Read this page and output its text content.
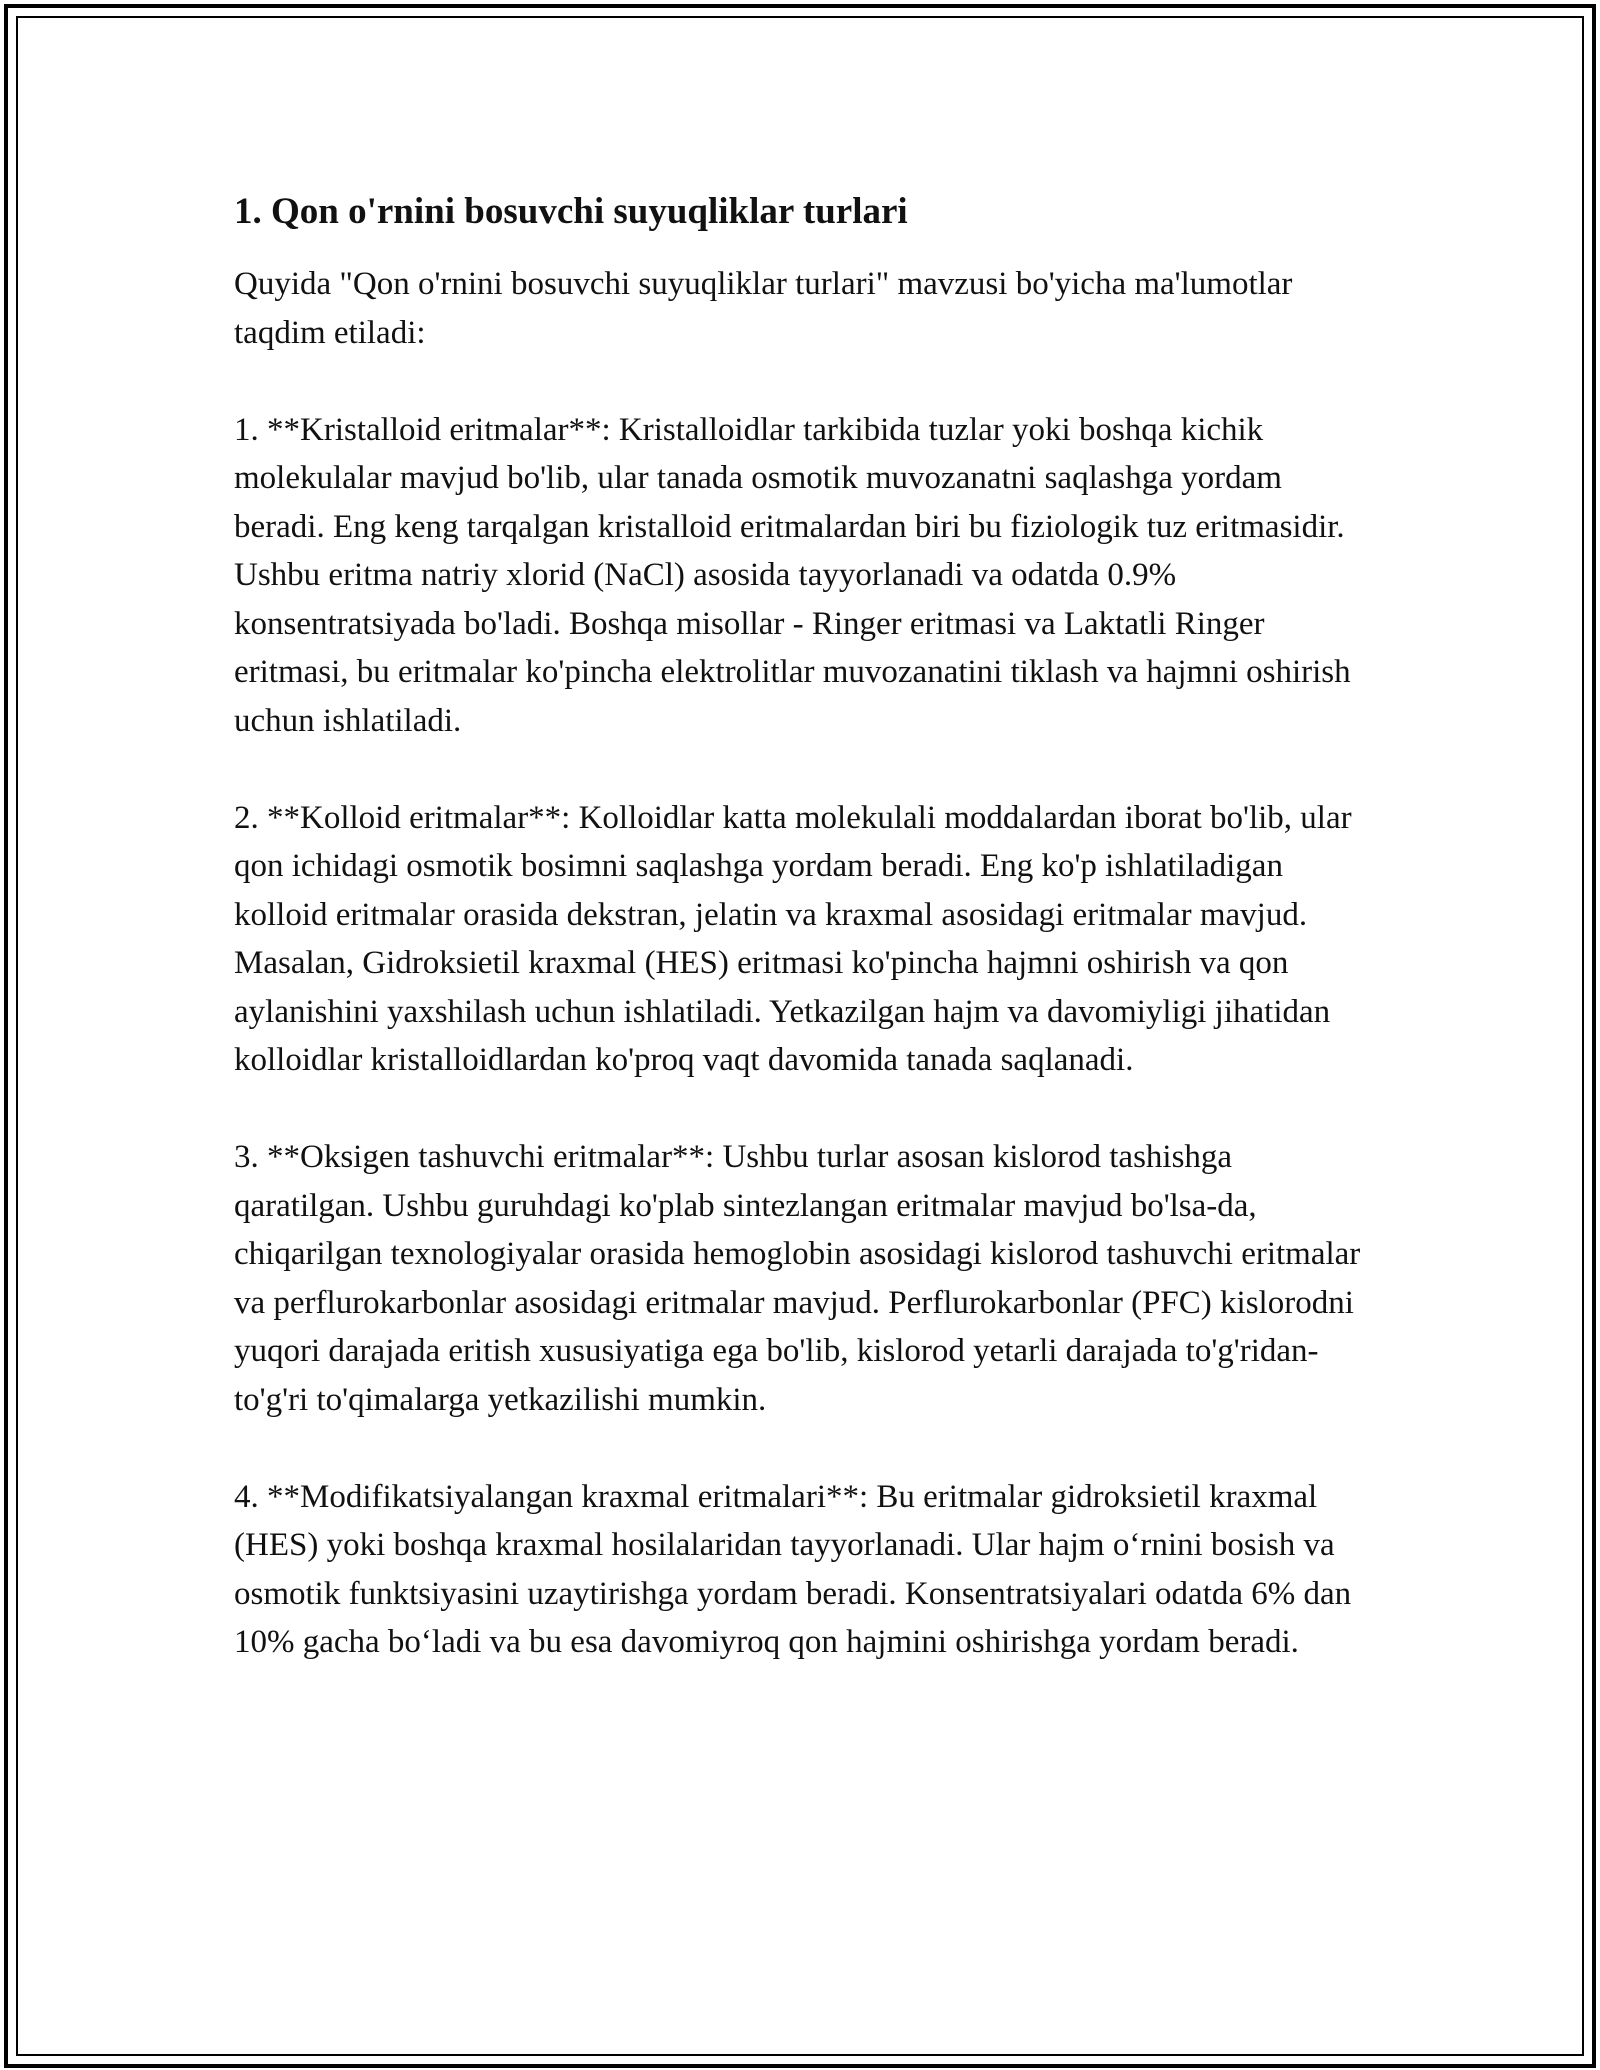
1. Qon o'rnini bosuvchi suyuqliklar turlari

Quyida "Qon o'rnini bosuvchi suyuqliklar turlari" mavzusi bo'yicha ma'lumotlar taqdim etiladi:

1. **Kristalloid eritmalar**: Kristalloidlar tarkibida tuzlar yoki boshqa kichik molekulalar mavjud bo'lib, ular tanada osmotik muvozanatni saqlashga yordam beradi. Eng keng tarqalgan kristalloid eritmalardan biri bu fiziologik tuz eritmasidir. Ushbu eritma natriy xlorid (NaCl) asosida tayyorlanadi va odatda 0.9% konsentratsiyada bo'ladi. Boshqa misollar - Ringer eritmasi va Laktatli Ringer eritmasi, bu eritmalar ko'pincha elektrolitlar muvozanatini tiklash va hajmni oshirish uchun ishlatiladi.

2. **Kolloid eritmalar**: Kolloidlar katta molekulali moddalardan iborat bo'lib, ular qon ichidagi osmotik bosimni saqlashga yordam beradi. Eng ko'p ishlatiladigan kolloid eritmalar orasida dekstran, jelatin va kraxmal asosidagi eritmalar mavjud. Masalan, Gidroksietil kraxmal (HES) eritmasi ko'pincha hajmni oshirish va qon aylanishini yaxshilash uchun ishlatiladi. Yetkazilgan hajm va davomiyligi jihatidan kolloidlar kristalloidlardan ko'proq vaqt davomida tanada saqlanadi.

3. **Oksigen tashuvchi eritmalar**: Ushbu turlar asosan kislorod tashishga qaratilgan. Ushbu guruhdagi ko'plab sintezlangan eritmalar mavjud bo'lsa-da, chiqarilgan texnologiyalar orasida hemoglobin asosidagi kislorod tashuvchi eritmalar va perflurokarbonlar asosidagi eritmalar mavjud. Perflurokarbonlar (PFC) kislorodni yuqori darajada eritish xususiyatiga ega bo'lib, kislorod yetarli darajada to'g'ridan-to'g'ri to'qimalarga yetkazilishi mumkin.

4. **Modifikatsiyalangan kraxmal eritmalari**: Bu eritmalar gidroksietil kraxmal (HES) yoki boshqa kraxmal hosilalaridan tayyorlanadi. Ular hajm o‘rnini bosish va osmotik funktsiyasini uzaytirishga yordam beradi. Konsentratsiyalari odatda 6% dan 10% gacha bo‘ladi va bu esa davomiyroq qon hajmini oshirishga yordam beradi.
